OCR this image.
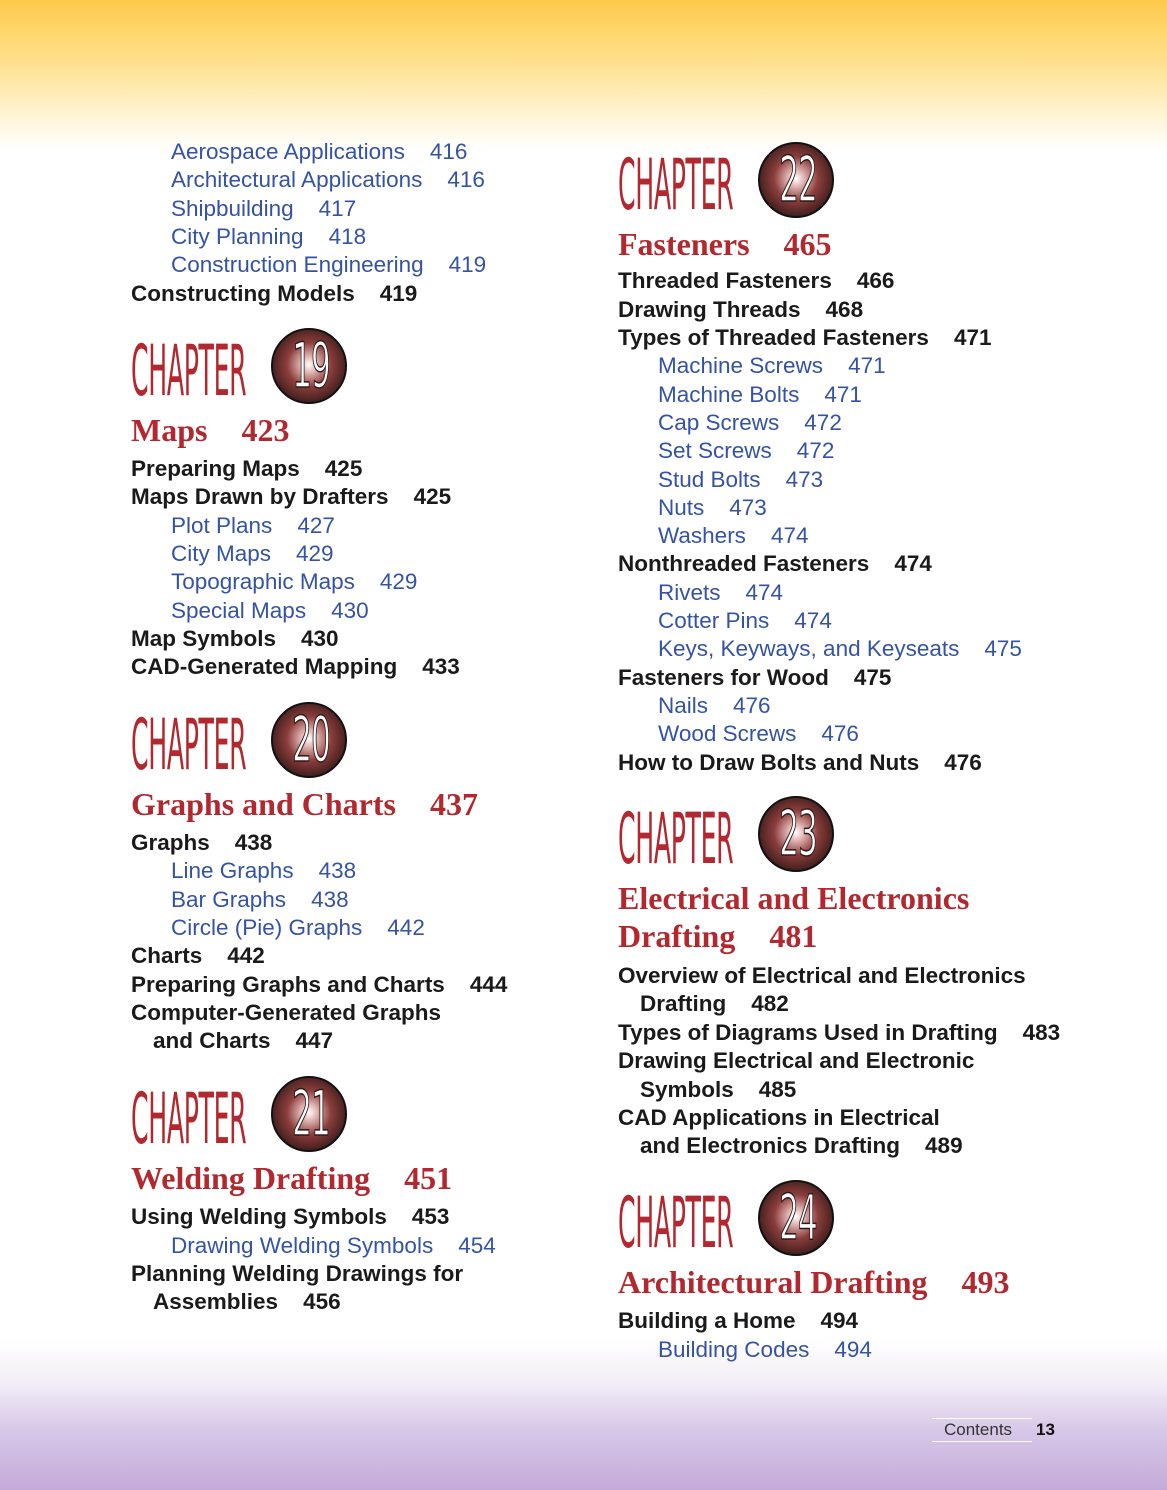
Aerospace Applications 416
Architectural Applications 416
Shipbuilding 417
City Planning 418
Construction Engineering 419
Constructing Models 419
CHAPTER 19
Maps 423
Preparing Maps 425
Maps Drawn by Drafters 425
Plot Plans 427
City Maps 429
Topographic Maps 429
Special Maps 430
Map Symbols 430
CAD-Generated Mapping 433
CHAPTER 20
Graphs and Charts 437
Graphs 438
Line Graphs 438
Bar Graphs 438
Circle (Pie) Graphs 442
Charts 442
Preparing Graphs and Charts 444
Computer-Generated Graphs
and Charts 447
CHAPTER 21
Welding Drafting 451
Using Welding Symbols 453
Drawing Welding Symbols 454
Planning Welding Drawings for
Assemblies 456
CHAPTER 22
Fasteners 465
Threaded Fasteners 466
Drawing Threads 468
Types of Threaded Fasteners 471
Machine Screws 471
Machine Bolts 471
Cap Screws 472
Set Screws 472
Stud Bolts 473
Nuts 473
Washers 474
Nonthreaded Fasteners 474
Rivets 474
Cotter Pins 474
Keys, Keyways, and Keyseats 475
Fasteners for Wood 475
Nails 476
Wood Screws 476
How to Draw Bolts and Nuts 476
CHAPTER 23
Electrical and Electronics
Drafting 481
Overview of Electrical and Electronics
Drafting 482
Types of Diagrams Used in Drafting 483
Drawing Electrical and Electronic
Symbols 485
CAD Applications in Electrical
and Electronics Drafting 489
CHAPTER 24
Architectural Drafting 493
Building a Home 494
Building Codes 494
Contents 13
